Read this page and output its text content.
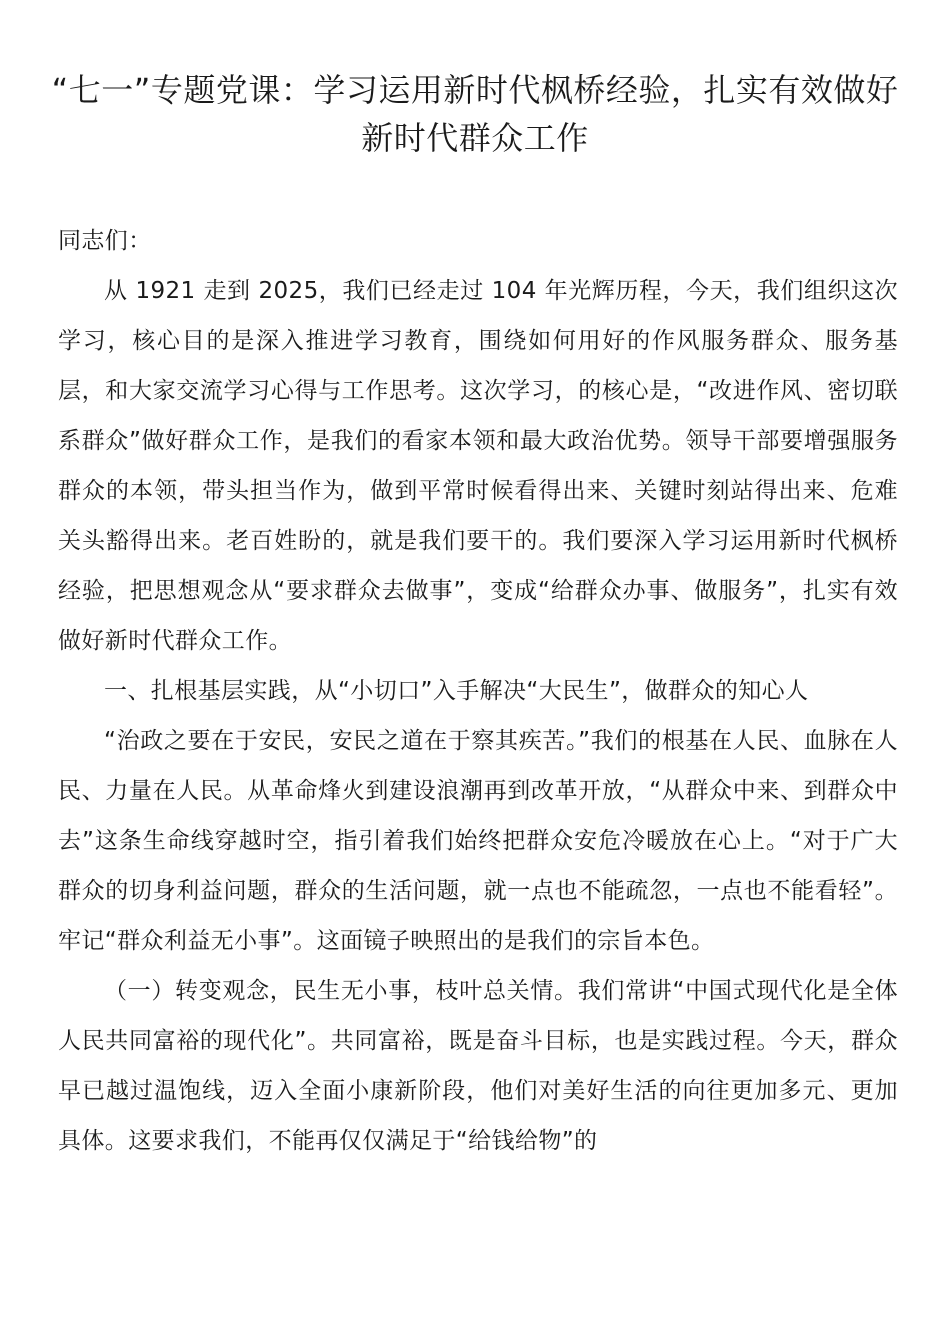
“七一”专题党课：学习运用新时代枫桥经验，扎实有效做好新时代群众工作

同志们：

从 1921 走到 2025，我们已经走过 104 年光辉历程，今天，我们组织这次学习，核心目的是深入推进学习教育，围绕如何用好的作风服务群众、服务基层，和大家交流学习心得与工作思考。这次学习，的核心是，“改进作风、密切联系群众”做好群众工作，是我们的看家本领和最大政治优势。领导干部要增强服务群众的本领，带头担当作为，做到平常时候看得出来、关键时刻站得出来、危难关头豁得出来。老百姓盼的，就是我们要干的。我们要深入学习运用新时代枫桥经验，把思想观念从“要求群众去做事”，变成“给群众办事、做服务”，扎实有效做好新时代群众工作。

一、扎根基层实践，从“小切口”入手解决“大民生”，做群众的知心人

“治政之要在于安民，安民之道在于察其疾苦。”我们的根基在人民、血脉在人民、力量在人民。从革命烽火到建设浪潮再到改革开放，“从群众中来、到群众中去”这条生命线穿越时空，指引着我们始终把群众安危冷暖放在心上。“对于广大群众的切身利益问题，群众的生活问题，就一点也不能疏忽，一点也不能看轻”。牢记“群众利益无小事”。这面镜子映照出的是我们的宗旨本色。

（一）转变观念，民生无小事，枝叶总关情。我们常讲“中国式现代化是全体人民共同富裕的现代化”。共同富裕，既是奋斗目标，也是实践过程。今天，群众早已越过温饱线，迈入全面小康新阶段，他们对美好生活的向往更加多元、更加具体。这要求我们，不能再仅仅满足于“给钱给物”的
